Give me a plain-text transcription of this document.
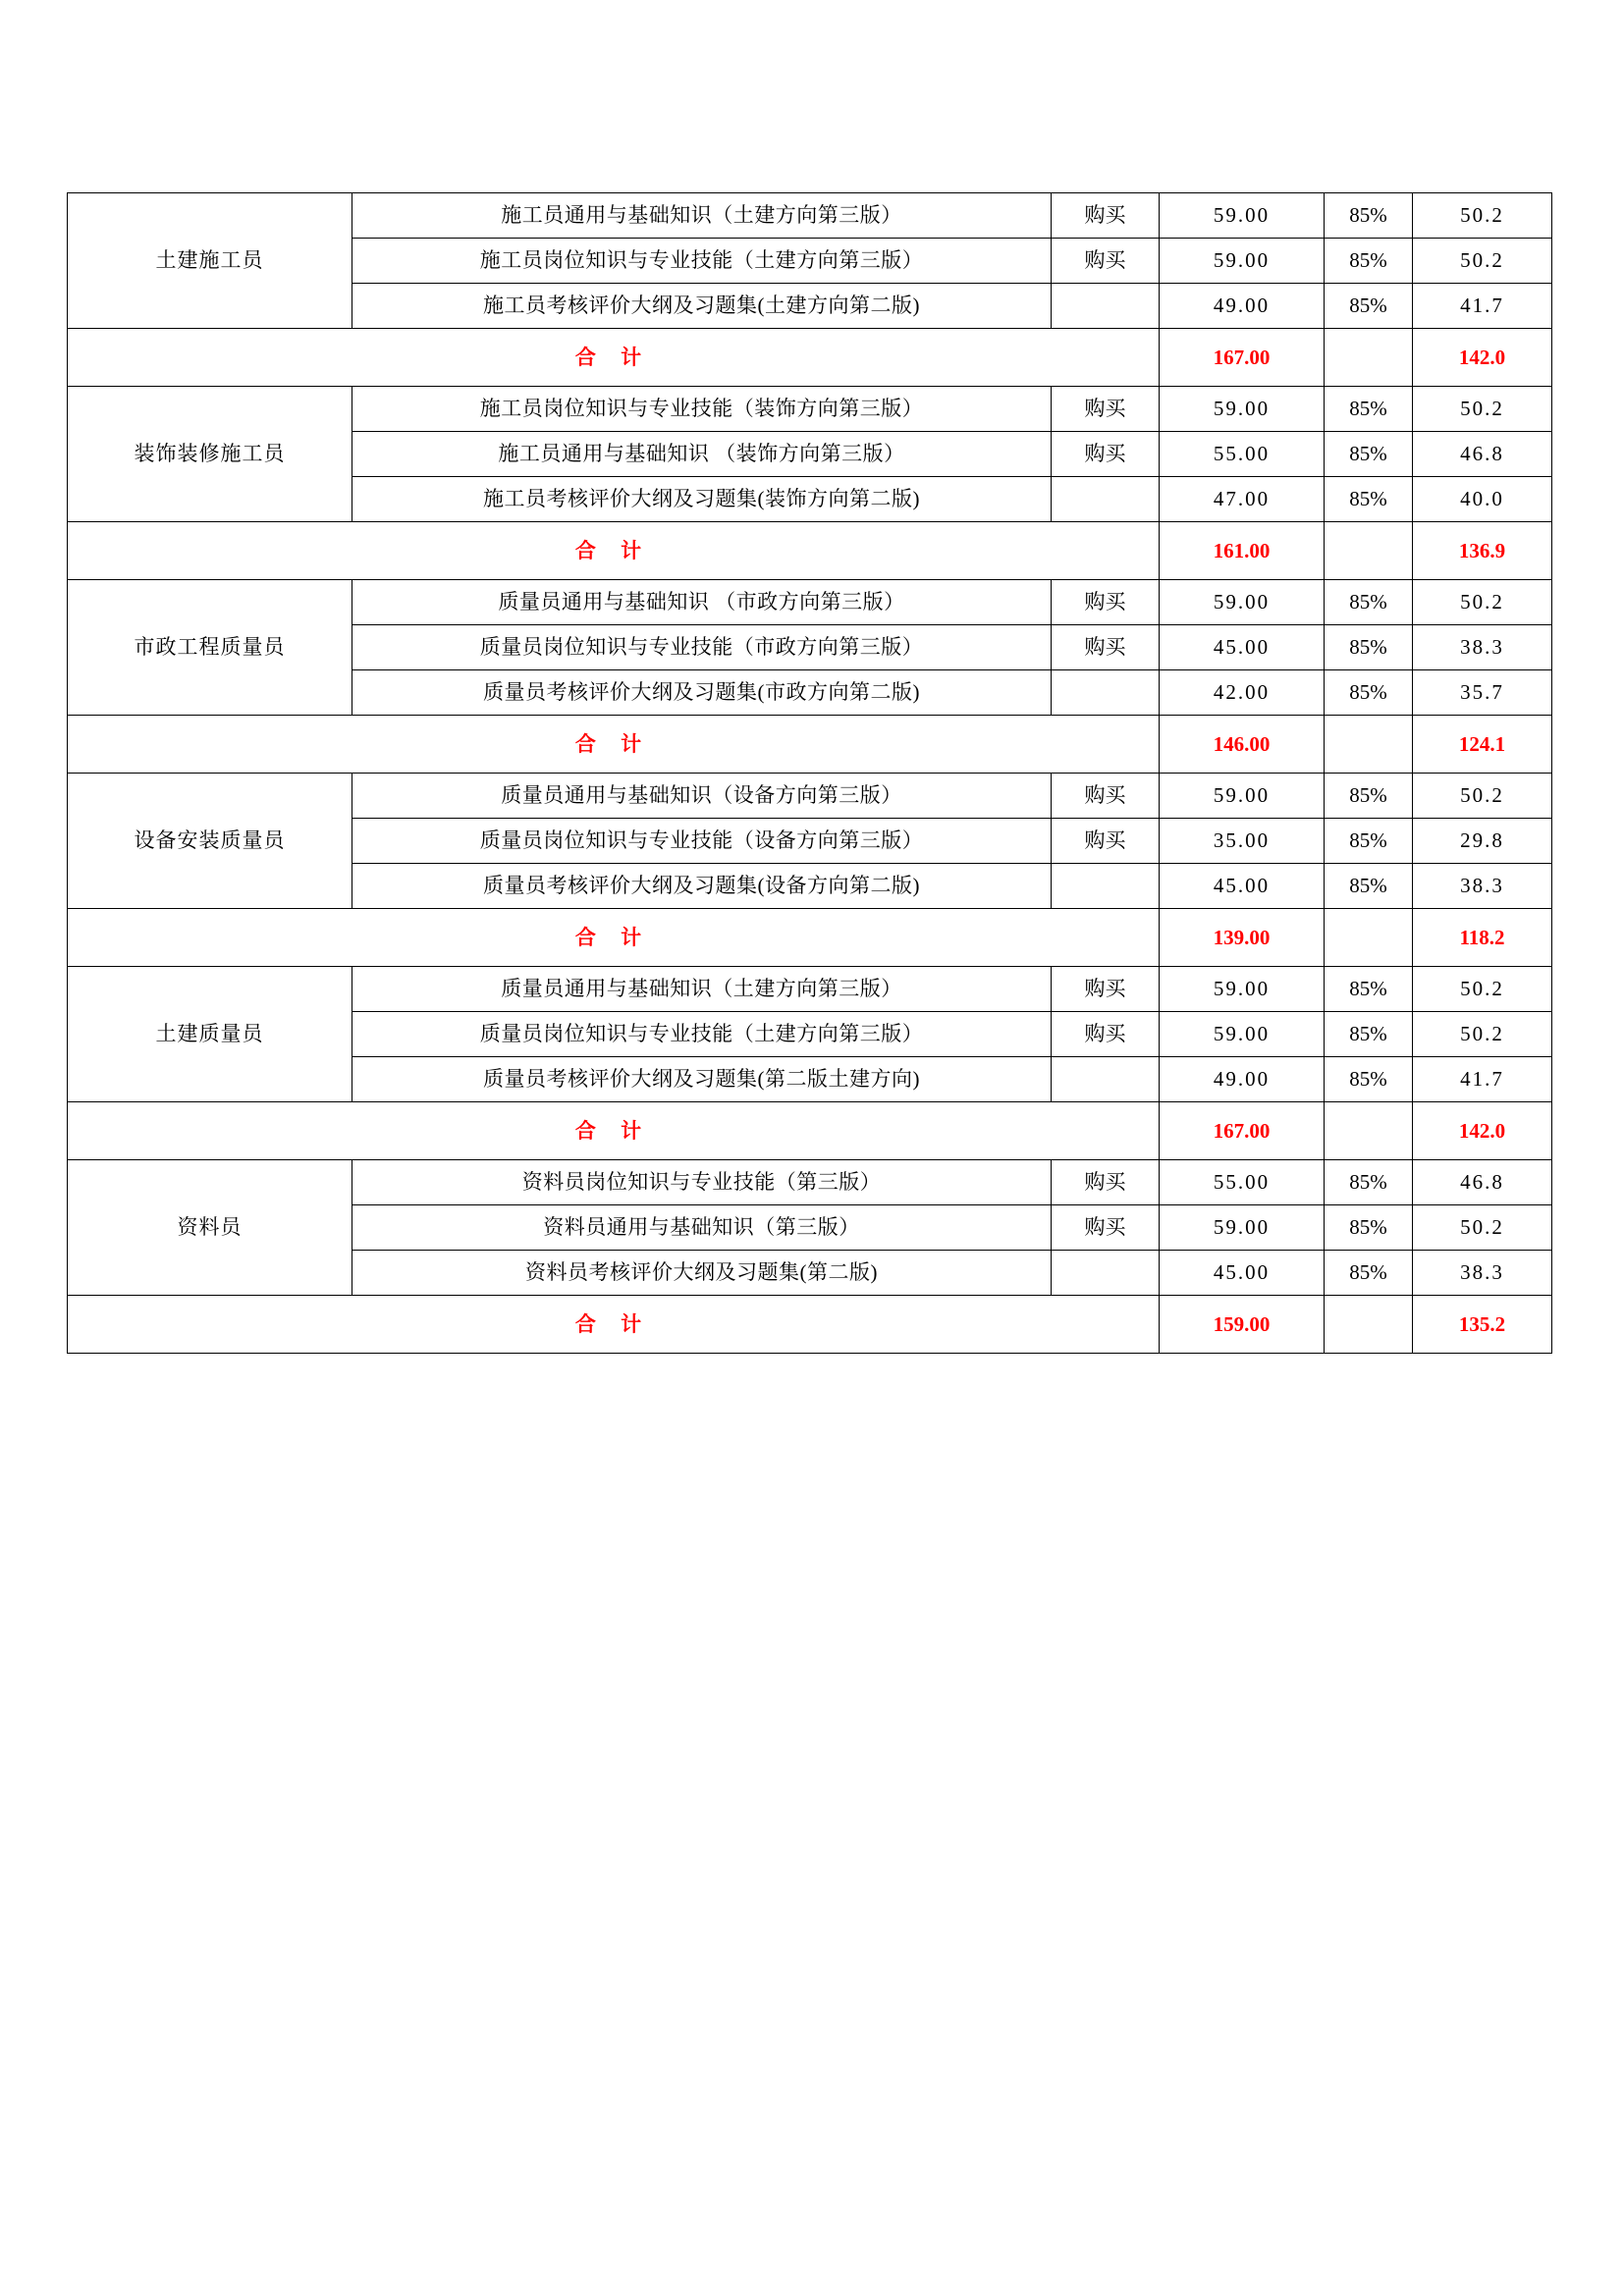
土建施工员	施工员通用与基础知识（土建方向第三版）	购买	59.00	85%	50.2
	施工员岗位知识与专业技能（土建方向第三版）	购买	59.00	85%	50.2
	施工员考核评价大纲及习题集(土建方向第二版)		49.00	85%	41.7
合 计			167.00		142.0
装饰装修施工员	施工员岗位知识与专业技能（装饰方向第三版）	购买	59.00	85%	50.2
	施工员通用与基础知识 （装饰方向第三版）	购买	55.00	85%	46.8
	施工员考核评价大纲及习题集(装饰方向第二版)		47.00	85%	40.0
合 计			161.00		136.9
市政工程质量员	质量员通用与基础知识 （市政方向第三版）	购买	59.00	85%	50.2
	质量员岗位知识与专业技能（市政方向第三版）	购买	45.00	85%	38.3
	质量员考核评价大纲及习题集(市政方向第二版)		42.00	85%	35.7
合 计			146.00		124.1
设备安装质量员	质量员通用与基础知识（设备方向第三版）	购买	59.00	85%	50.2
	质量员岗位知识与专业技能（设备方向第三版）	购买	35.00	85%	29.8
	质量员考核评价大纲及习题集(设备方向第二版)		45.00	85%	38.3
合 计			139.00		118.2
土建质量员	质量员通用与基础知识（土建方向第三版）	购买	59.00	85%	50.2
	质量员岗位知识与专业技能（土建方向第三版）	购买	59.00	85%	50.2
	质量员考核评价大纲及习题集(第二版土建方向)		49.00	85%	41.7
合 计			167.00		142.0
资料员	资料员岗位知识与专业技能（第三版）	购买	55.00	85%	46.8
	资料员通用与基础知识（第三版）	购买	59.00	85%	50.2
	资料员考核评价大纲及习题集(第二版)		45.00	85%	38.3
合 计			159.00		135.2
